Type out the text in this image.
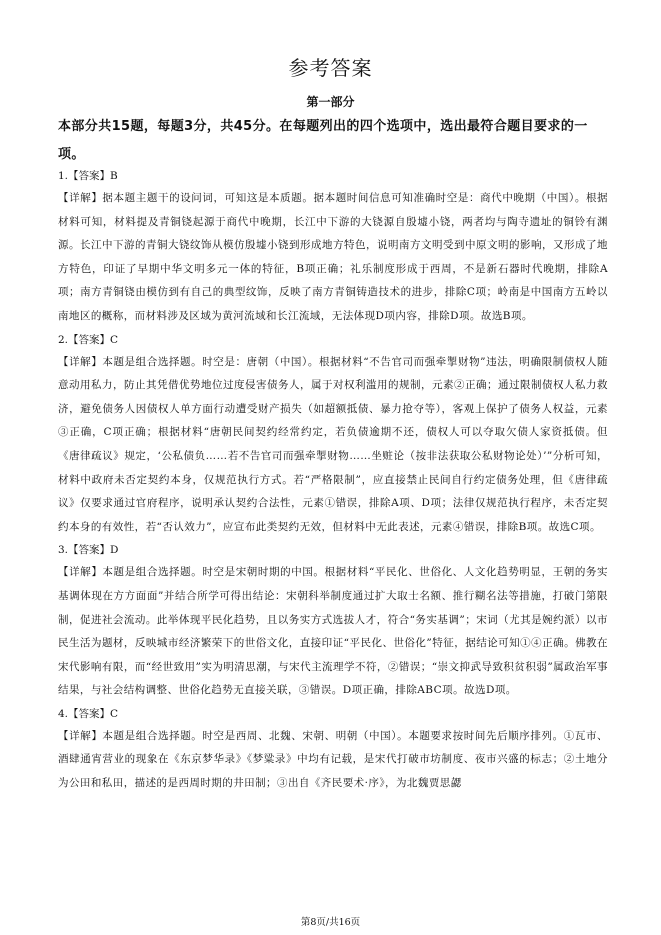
参考答案
第一部分
本部分共15题，每题3分，共45分。在每题列出的四个选项中，选出最符合题目要求的一项。
1.【答案】B

【详解】据本题主题干的设问词，可知这是本质题。据本题时间信息可知准确时空是：商代中晚期（中国）。根据材料可知，材料提及青铜铙起源于商代中晚期，长江中下游的大铙源自殷墟小铙，两者均与陶寺遗址的铜铃有渊源。长江中下游的青铜大铙纹饰从模仿殷墟小铙到形成地方特色，说明南方文明受到中原文明的影响，又形成了地方特色，印证了早期中华文明多元一体的特征，B项正确；礼乐制度形成于西周，不是新石器时代晚期，排除A项；南方青铜铙由模仿到有自己的典型纹饰，反映了南方青铜铸造技术的进步，排除C项；岭南是中国南方五岭以南地区的概称，而材料涉及区域为黄河流域和长江流域，无法体现D项内容，排除D项。故选B项。

2.【答案】C

【详解】本题是组合选择题。时空是：唐朝（中国）。根据材料“不告官司而强牵掣财物”违法，明确限制债权人随意动用私力，防止其凭借优势地位过度侵害债务人，属于对权利滥用的规制，元素②正确；通过限制债权人私力救济，避免债务人因债权人单方面行动遭受财产损失（如超额抵债、暴力抢夺等），客观上保护了债务人权益，元素③正确，C项正确；根据材料“唐朝民间契约经常约定，若负债逾期不还，债权人可以夺取欠债人家资抵债。但《唐律疏议》规定，‘公私债负……若不告官司而强牵掣财物……坐赃论（按非法获取公私财物论处）’”分析可知，材料中政府未否定契约本身，仅规范执行方式。若“严格限制”，应直接禁止民间自行约定债务处理，但《唐律疏议》仅要求通过官府程序，说明承认契约合法性，元素①错误，排除A项、D项；法律仅规范执行程序，未否定契约本身的有效性，若“否认效力”，应宣布此类契约无效，但材料中无此表述，元素④错误，排除B项。故选C项。

3.【答案】D

【详解】本题是组合选择题。时空是宋朝时期的中国。根据材料“平民化、世俗化、人文化趋势明显，王朝的务实基调体现在方方面面”并结合所学可得出结论：宋朝科举制度通过扩大取士名额、推行糊名法等措施，打破门第限制，促进社会流动。此举体现平民化趋势，且以务实方式选拔人才，符合“务实基调”；宋词（尤其是婉约派）以市民生活为题材，反映城市经济繁荣下的世俗文化，直接印证“平民化、世俗化”特征，据结论可知①④正确。佛教在宋代影响有限，而“经世致用”实为明清思潮，与宋代主流理学不符，②错误；“崇文抑武导致积贫积弱”属政治军事结果，与社会结构调整、世俗化趋势无直接关联，③错误。D项正确，排除ABC项。故选D项。

4.【答案】C

【详解】本题是组合选择题。时空是西周、北魏、宋朝、明朝（中国）。本题要求按时间先后顺序排列。①瓦市、酒肆通宵营业的现象在《东京梦华录》《梦粱录》中均有记载，是宋代打破市坊制度、夜市兴盛的标志；②土地分为公田和私田，描述的是西周时期的井田制；③出自《齐民要术·序》，为北魏贾思勰

第8页/共16页
